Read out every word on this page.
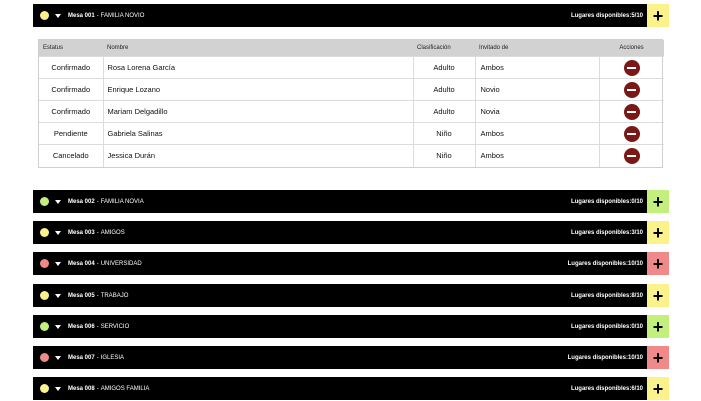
Mesa 001 - FAMILIA NOVIO	Lugares disponibles:5/10 +
Estatus	Nombre	Clasificación	Invitado de	Acciones
Confirmado	Rosa Lorena García	Adulto	Ambos	

Confirmado	Enrique Lozano	Adulto	Novio	

Confirmado	Mariam Delgadillo	Adulto	Novia	

Pendiente	Gabriela Salinas	Niño	Ambos	

Cancelado	Jessica Durán	Niño	Ambos	
Mesa 002 - FAMILIA NOVIA	Lugares disponibles:0/10 +
Mesa 003 - AMIGOS	Lugares disponibles:3/10 +
Mesa 004 - UNIVERSIDAD	Lugares disponibles:10/10 +
Mesa 005 - TRABAJO	Lugares disponibles:8/10 +
Mesa 006 - SERVICIO	Lugares disponibles:0/10 +
Mesa 007 - IGLESIA	Lugares disponibles:10/10 +
Mesa 008 - AMIGOS FAMILIA	Lugares disponibles:6/10 +
